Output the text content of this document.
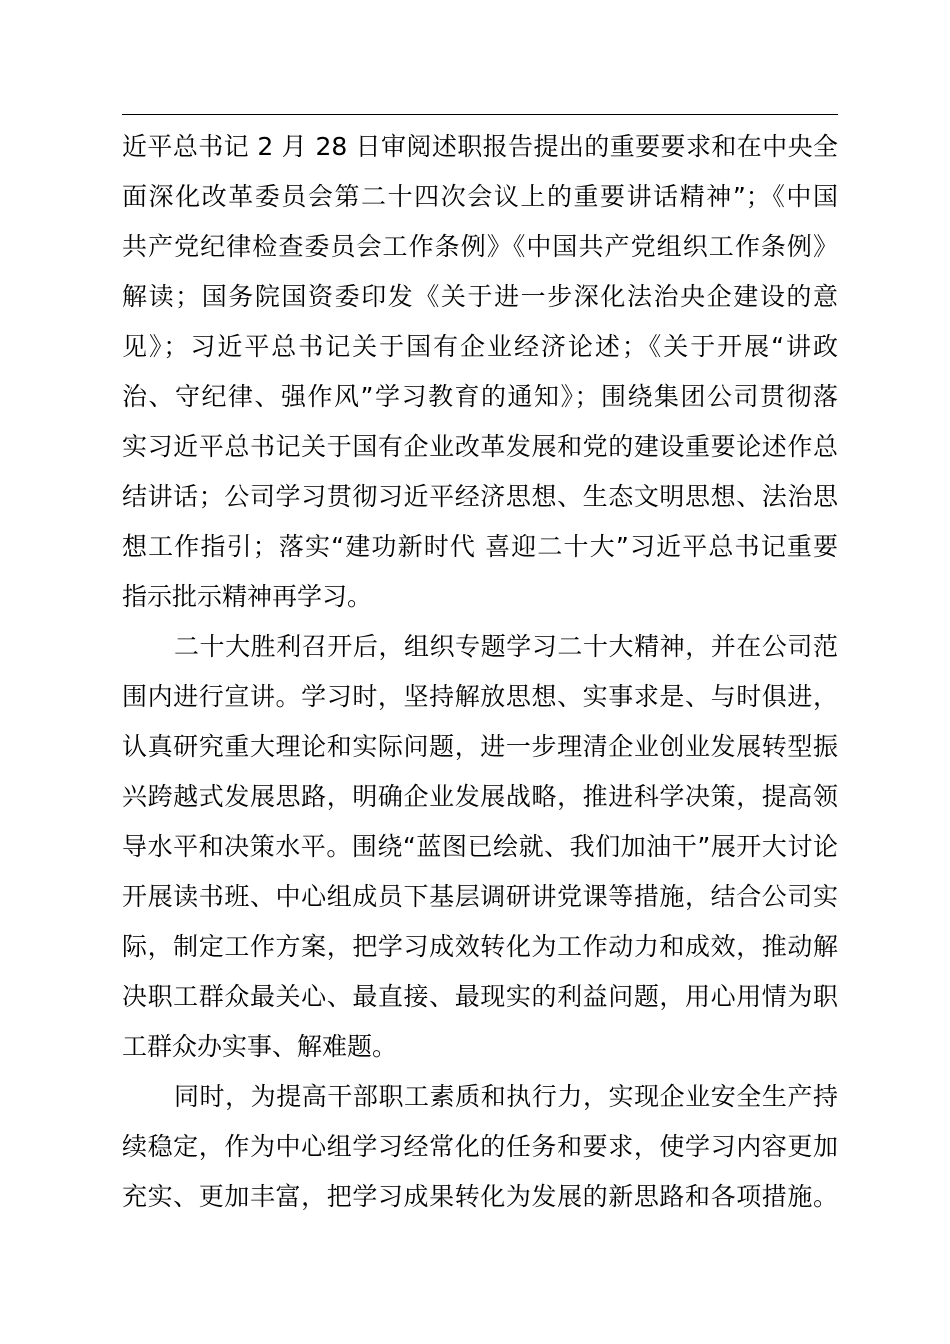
近平总书记 2 月 28 日审阅述职报告提出的重要要求和在中央全
面深化改革委员会第二十四次会议上的重要讲话精神”；《中国
共产党纪律检查委员会工作条例》《中国共产党组织工作条例》
解读；国务院国资委印发《关于进一步深化法治央企建设的意
见》；习近平总书记关于国有企业经济论述；《关于开展“讲政
治、守纪律、强作风”学习教育的通知》；围绕集团公司贯彻落
实习近平总书记关于国有企业改革发展和党的建设重要论述作总
结讲话；公司学习贯彻习近平经济思想、生态文明思想、法治思
想工作指引；落实“建功新时代 喜迎二十大”习近平总书记重要
指示批示精神再学习。
二十大胜利召开后，组织专题学习二十大精神，并在公司范
围内进行宣讲。学习时，坚持解放思想、实事求是、与时俱进，
认真研究重大理论和实际问题，进一步理清企业创业发展转型振
兴跨越式发展思路，明确企业发展战略，推进科学决策，提高领
导水平和决策水平。围绕“蓝图已绘就、我们加油干”展开大讨论
开展读书班、中心组成员下基层调研讲党课等措施，结合公司实
际，制定工作方案，把学习成效转化为工作动力和成效，推动解
决职工群众最关心、最直接、最现实的利益问题，用心用情为职
工群众办实事、解难题。
同时，为提高干部职工素质和执行力，实现企业安全生产持
续稳定，作为中心组学习经常化的任务和要求，使学习内容更加
充实、更加丰富，把学习成果转化为发展的新思路和各项措施。
